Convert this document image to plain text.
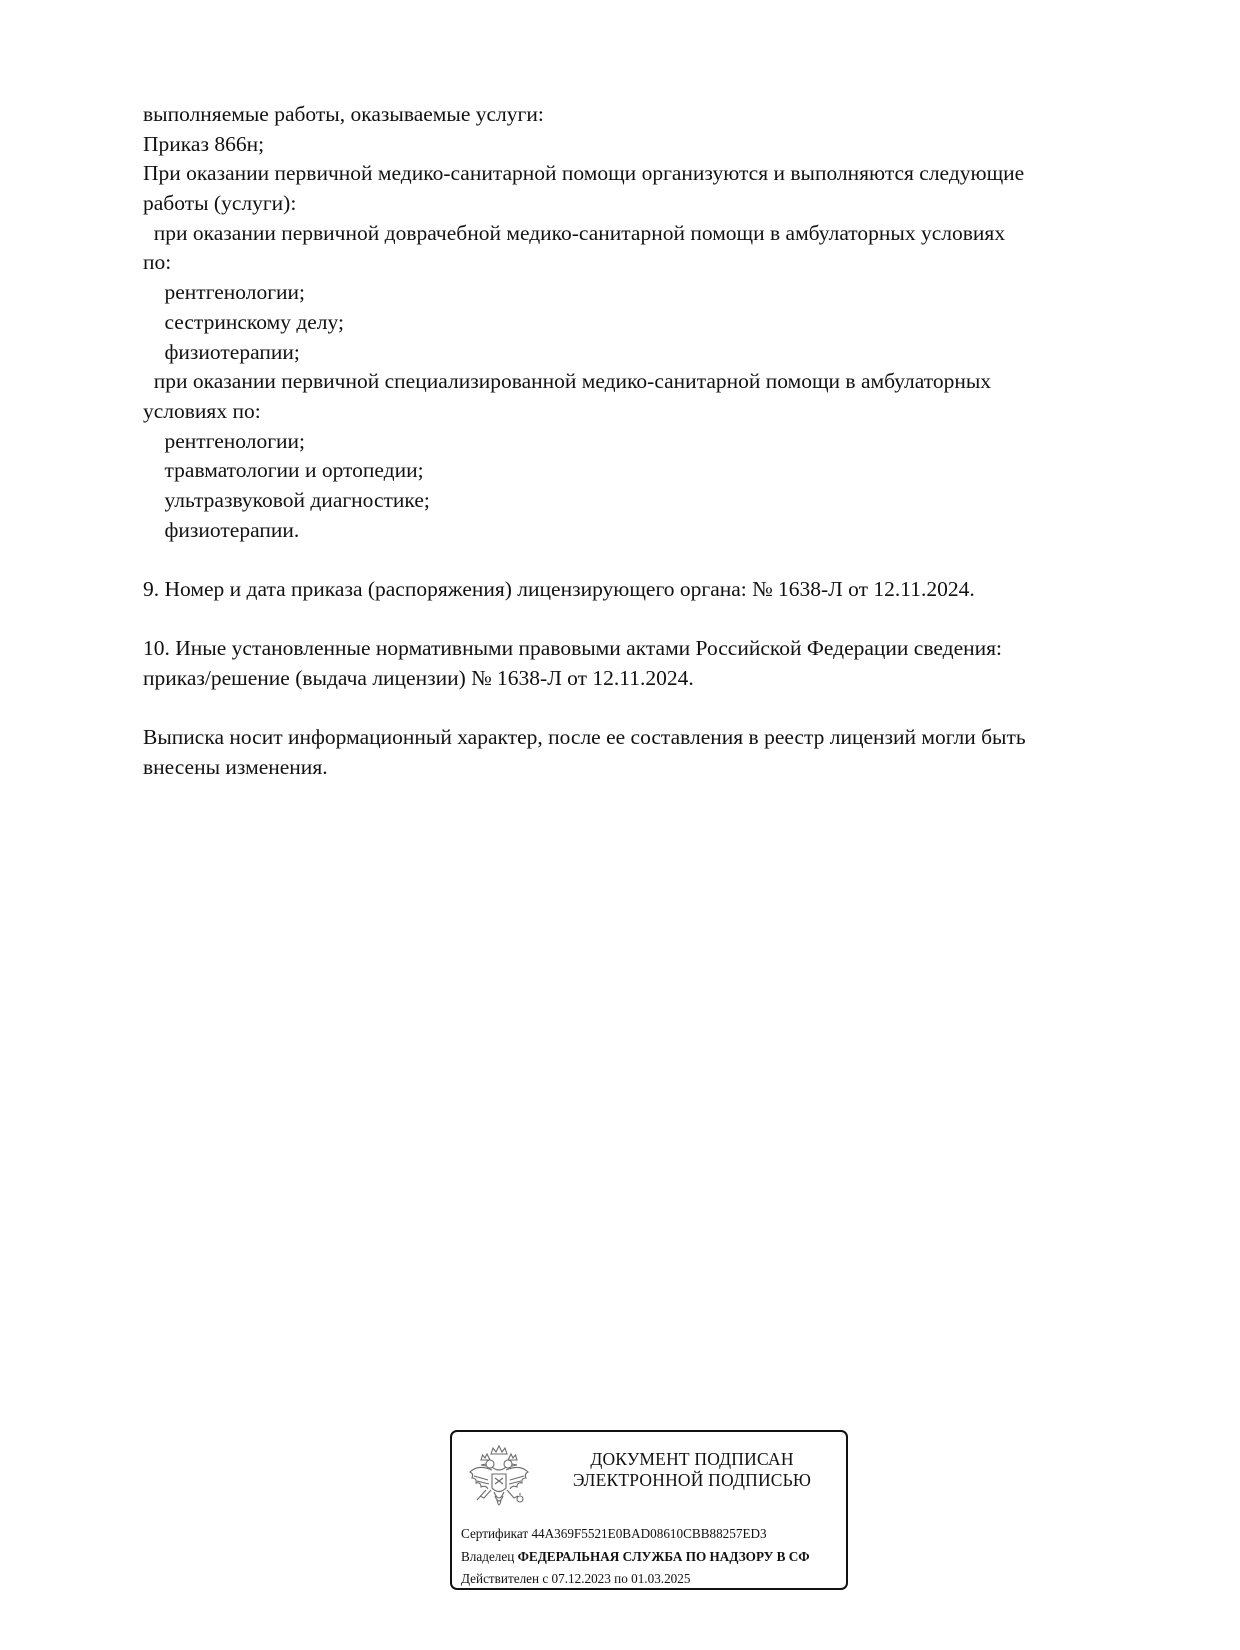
выполняемые работы, оказываемые услуги:
Приказ 866н;
При оказании первичной медико-санитарной помощи организуются и выполняются следующие
работы (услуги):
при оказании первичной доврачебной медико-санитарной помощи в амбулаторных условиях
по:
рентгенологии;
сестринскому делу;
физиотерапии;
при оказании первичной специализированной медико-санитарной помощи в амбулаторных
условиях по:
рентгенологии;
травматологии и ортопедии;
ультразвуковой диагностике;
физиотерапии.
9. Номер и дата приказа (распоряжения) лицензирующего органа: № 1638-Л от 12.11.2024.
10. Иные установленные нормативными правовыми актами Российской Федерации сведения:
приказ/решение (выдача лицензии) № 1638-Л от 12.11.2024.
Выписка носит информационный характер, после ее составления в реестр лицензий могли быть
внесены изменения.
ДОКУМЕНТ ПОДПИСАН
ЭЛЕКТРОННОЙ ПОДПИСЬЮ
Сертификат 44A369F5521E0BAD08610CBB88257ED3
Владелец ФЕДЕРАЛЬНАЯ СЛУЖБА ПО НАДЗОРУ В СФ
Действителен с 07.12.2023 по 01.03.2025
